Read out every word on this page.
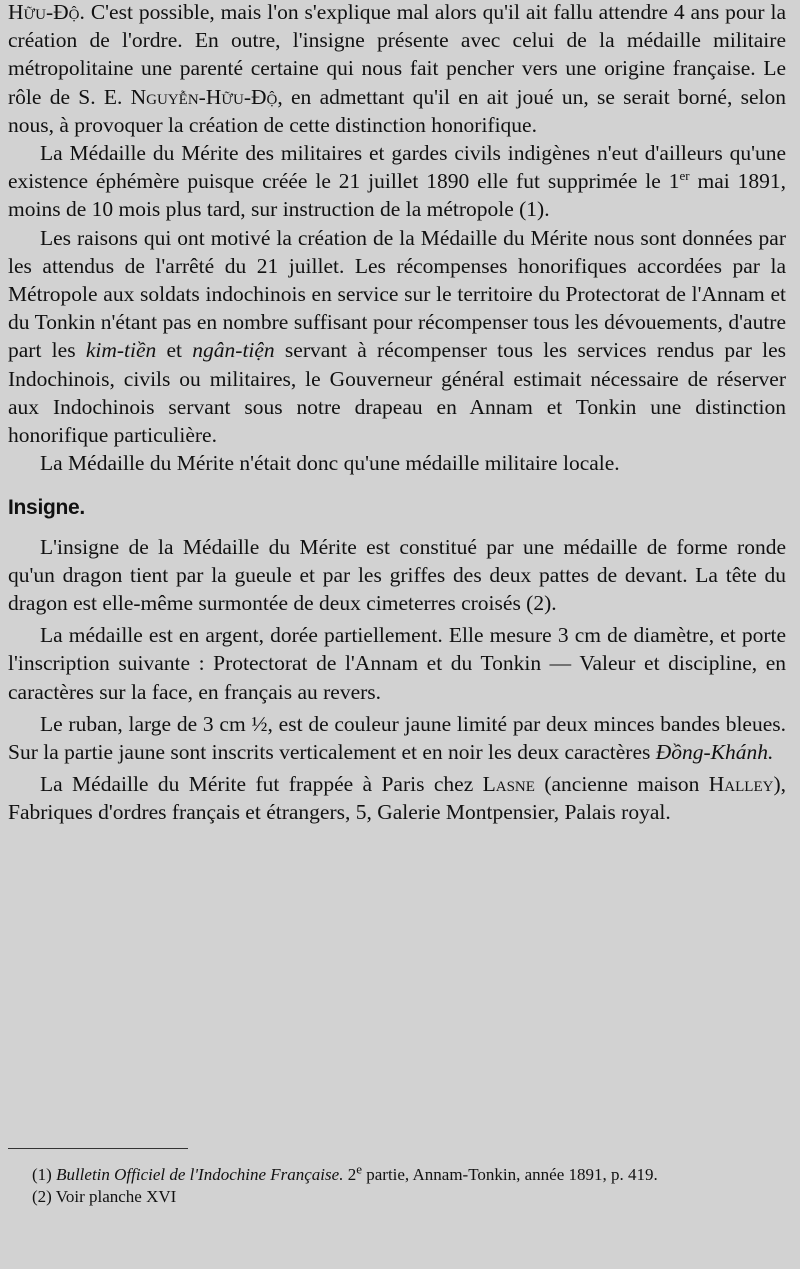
Hữu-Độ. C'est possible, mais l'on s'explique mal alors qu'il ait fallu attendre 4 ans pour la création de l'ordre. En outre, l'insigne présente avec celui de la médaille militaire métropolitaine une parenté certaine qui nous fait pencher vers une origine française. Le rôle de S. E. Nguyễn-Hữu-Độ, en admettant qu'il en ait joué un, se serait borné, selon nous, à provoquer la création de cette distinction honorifique.

La Médaille du Mérite des militaires et gardes civils indigènes n'eut d'ailleurs qu'une existence éphémère puisque créée le 21 juillet 1890 elle fut supprimée le 1er mai 1891, moins de 10 mois plus tard, sur instruction de la métropole (1).

Les raisons qui ont motivé la création de la Médaille du Mérite nous sont données par les attendus de l'arrêté du 21 juillet. Les récompenses honorifiques accordées par la Métropole aux soldats indochinois en service sur le territoire du Protectorat de l'Annam et du Tonkin n'étant pas en nombre suffisant pour récompenser tous les dévouements, d'autre part les kim-tiền et ngân-tiện servant à récompenser tous les services rendus par les Indochinois, civils ou militaires, le Gouverneur général estimait nécessaire de réserver aux Indochinois servant sous notre drapeau en Annam et Tonkin une distinction honorifique particulière.

La Médaille du Mérite n'était donc qu'une médaille militaire locale.

Insigne.

L'insigne de la Médaille du Mérite est constitué par une médaille de forme ronde qu'un dragon tient par la gueule et par les griffes des deux pattes de devant. La tête du dragon est elle-même surmontée de deux cimeterres croisés (2).

La médaille est en argent, dorée partiellement. Elle mesure 3 cm de diamètre, et porte l'inscription suivante : Protectorat de l'Annam et du Tonkin — Valeur et discipline, en caractères sur la face, en français au revers.

Le ruban, large de 3 cm ½, est de couleur jaune limité par deux minces bandes bleues. Sur la partie jaune sont inscrits verticalement et en noir les deux caractères Đồng-Khánh.

La Médaille du Mérite fut frappée à Paris chez Lasne (ancienne maison Halley), Fabriques d'ordres français et étrangers, 5, Galerie Montpensier, Palais royal.

(1) Bulletin Officiel de l'Indochine Française. 2e partie, Annam-Tonkin, année 1891, p. 419.

(2) Voir planche XVI
